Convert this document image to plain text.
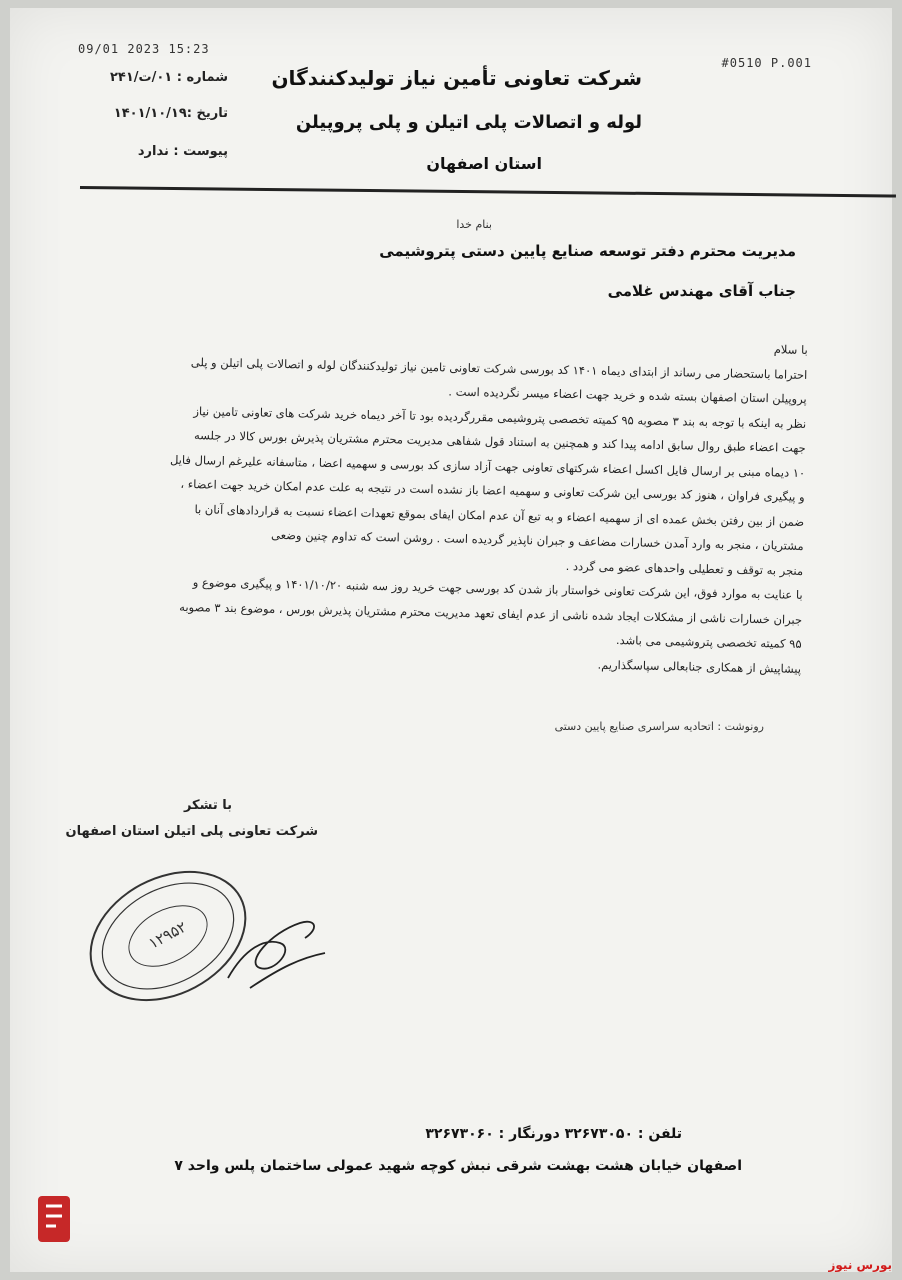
09/01 2023 15:23
#0510 P.001
شرکت تعاونی تأمین نیاز تولیدکنندگان
لوله و اتصالات پلی اتیلن و پلی پروپیلن
استان اصفهان
شماره : ۰۱/ت/۲۴۱
تاریخ :۱۴۰۱/۱۰/۱۹
پیوست : ندارد
بنام خدا
مدیریت محترم دفتر توسعه صنایع پایین دستی پتروشیمی
جناب آقای مهندس غلامی

با سلام

احتراما باستحضار می رساند از ابتدای دیماه ۱۴۰۱ کد بورسی شرکت تعاونی تامین نیاز تولیدکنندگان لوله و اتصالات پلی اتیلن و پلی

پروپیلن استان اصفهان بسته شده و خرید جهت اعضاء میسر نگردیده است .

نظر به اینکه با توجه به بند ۳ مصوبه ۹۵ کمیته تخصصی پتروشیمی مقررگردیده بود تا آخر دیماه خرید شرکت های تعاونی تامین نیاز

جهت اعضاء طبق روال سابق ادامه پیدا کند و همچنین به استناد قول شفاهی مدیریت محترم مشتریان پذیرش بورس کالا در جلسه

۱۰ دیماه مبنی بر ارسال فایل اکسل اعضاء شرکتهای تعاونی جهت آزاد سازی کد بورسی و سهمیه اعضا ، متاسفانه علیرغم ارسال فایل

و پیگیری فراوان ، هنوز کد بورسی این شرکت تعاونی و سهمیه اعضا باز نشده است در نتیجه به علت عدم امکان خرید جهت اعضاء ،

ضمن از بین رفتن بخش عمده ای از سهمیه اعضاء و به تبع آن عدم امکان ایفای بموقع تعهدات اعضاء نسبت به قراردادهای آنان با

مشتریان ، منجر به وارد آمدن خسارات مضاعف و جبران ناپذیر گردیده است . روشن است که تداوم چنین وضعی

منجر به توقف و تعطیلی واحدهای عضو می گردد .

با عنایت به موارد فوق، این شرکت تعاونی خواستار باز شدن کد بورسی جهت خرید روز سه شنبه ۱۴۰۱/۱۰/۲۰ و پیگیری موضوع و

جبران خسارات ناشی از مشکلات ایجاد شده ناشی از عدم ایفای تعهد مدیریت محترم مشتریان پذیرش بورس ، موضوع بند ۳ مصوبه

۹۵ کمیته تخصصی پتروشیمی می باشد.

پیشاپیش از همکاری جنابعالی سپاسگذاریم.

رونوشت : اتحادیه سراسری صنایع پایین دستی
با تشکر
شرکت تعاونی پلی اتیلن استان اصفهان
۱۲۹۵۲
تلفن : ۳۲۶۷۳۰۵۰ دورنگار : ۳۲۶۷۳۰۶۰
اصفهان خیابان هشت بهشت شرقی نبش کوچه شهید عمولی ساختمان پلس واحد ۷
بورس نیوز
